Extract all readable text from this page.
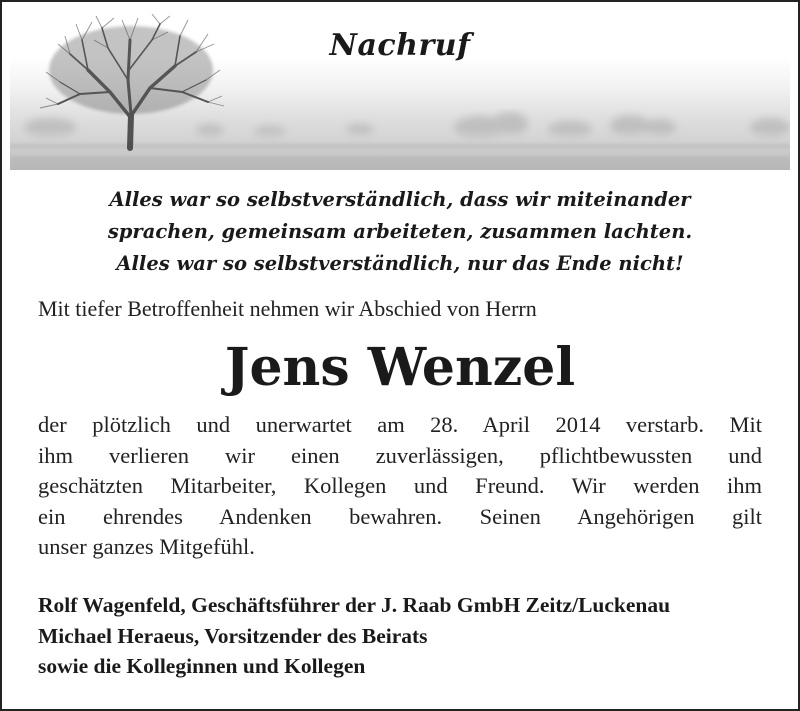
Nachruf
Alles war so selbstverständlich, dass wir miteinander
sprachen, gemeinsam arbeiteten, zusammen lachten.
Alles war so selbstverständlich, nur das Ende nicht!
Mit tiefer Betroffenheit nehmen wir Abschied von Herrn
Jens Wenzel
der plötzlich und unerwartet am 28. April 2014 verstarb. Mit
ihm verlieren wir einen zuverlässigen, pflichtbewussten und
geschätzten Mitarbeiter, Kollegen und Freund. Wir werden ihm
ein ehrendes Andenken bewahren. Seinen Angehörigen gilt
unser ganzes Mitgefühl.
Rolf Wagenfeld, Geschäftsführer der J. Raab GmbH Zeitz/Luckenau
Michael Heraeus, Vorsitzender des Beirats
sowie die Kolleginnen und Kollegen
